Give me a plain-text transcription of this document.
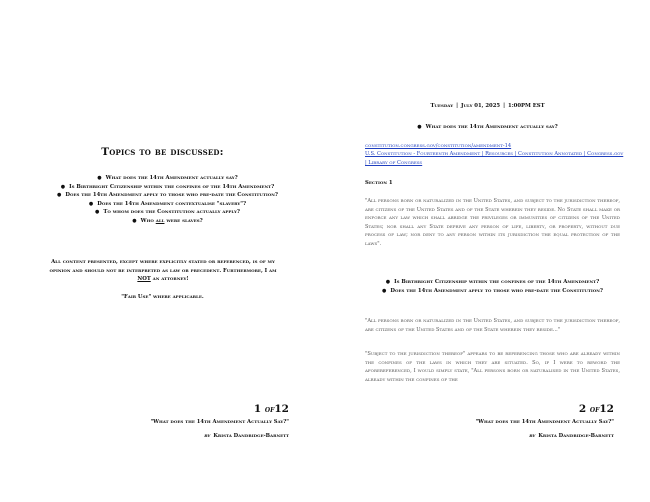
Topics to be discussed:
● What does the 14th Amendment actually say?
● Is Birthright Citizenship within the confines of the 14th Amendment?
● Does the 14th Amendment apply to those who pre-date the Constitution?
● Does the 14th Amendment contextualise "slavery"?
● To whom does the Constitution actually apply?
● Who all were slaves?
All content presented, except where explicitly stated or referenced, is of my opinion and should not be interpreted as law or precedent. Furthermore, I am NOT an attorney!
"Fair Use" where applicable.
1 of12
"What does the 14th Amendment Actually Say?"
by Krista Dandridge-Barnett
Tuesday | July 01, 2025 | 1:00PM EST
● What does the 14th Amendment actually say?
constitution.congress.gov/constitution/amendment-14
U.S. Constitution - Fourteenth Amendment | Resources | Constitution Annotated | Congress.gov | Library of Congress
Section 1
"All persons born or naturalized in the United States, and subject to the jurisdiction thereof, are citizens of the United States and of the State wherein they reside. No State shall make or enforce any law which shall abridge the privileges or immunities of citizens of the United States; nor shall any State deprive any person of life, liberty, or property, without due process of law; nor deny to any person within its jurisdiction the equal protection of the laws".
● Is Birthright Citizenship within the confines of the 14th Amendment?
● Does the 14th Amendment apply to those who pre-date the Constitution?
"All persons born or naturalized in the United States, and subject to the jurisdiction thereof, are citizens of the United States and of the State wherein they reside..."
"Subject to the jurisdiction thereof" appears to be referencing those who are already within the confines of the laws in which they are situated. So, if I were to reword the aforereferenced, I would simply state, "All persons born or naturalised in the United States, already within the confines of the
2 of12
"What does the 14th Amendment Actually Say?"
by Krista Dandridge-Barnett
